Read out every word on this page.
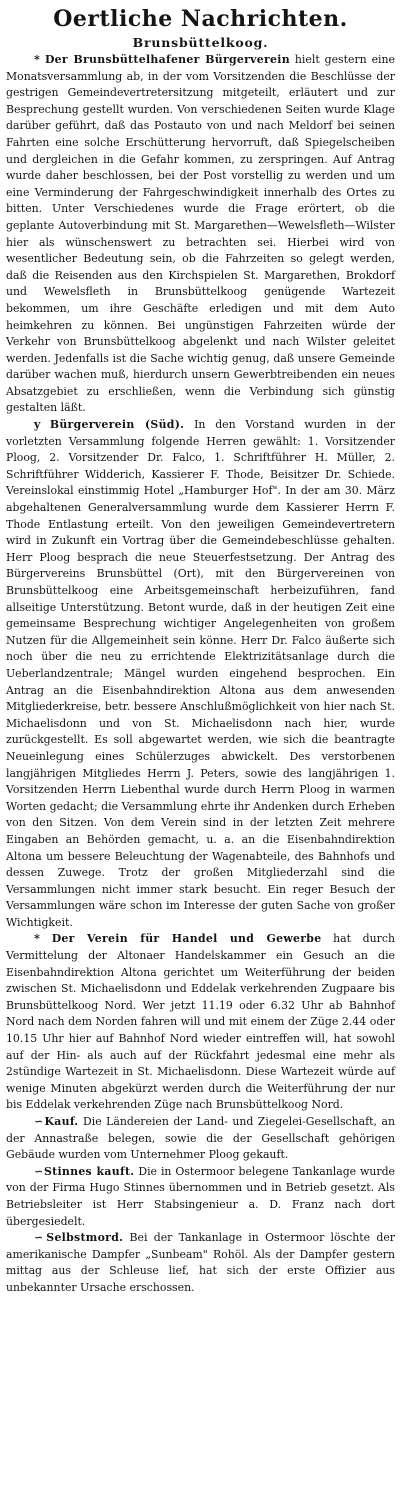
Oertliche Nachrichten.
Brunsbüttelkoog.

* Der Brunsbüttelhafener Bürgerverein hielt gestern eine Monatsversammlung ab, in der vom Vorsitzenden die Beschlüsse der gestrigen Gemeindevertretersitzung mitgeteilt, erläutert und zur Besprechung gestellt wurden. Von verschiedenen Seiten wurde Klage darüber geführt, daß das Postauto von und nach Meldorf bei seinen Fahrten eine solche Erschütterung hervorruft, daß Spiegelscheiben und dergleichen in die Gefahr kommen, zu zerspringen. Auf Antrag wurde daher beschlossen, bei der Post vorstellig zu werden und um eine Verminderung der Fahrgeschwindigkeit innerhalb des Ortes zu bitten. Unter Verschiedenes wurde die Frage erörtert, ob die geplante Autoverbindung mit St. Margarethen—Wewelsfleth—Wilster hier als wünschenswert zu betrachten sei. Hierbei wird von wesentlicher Bedeutung sein, ob die Fahrzeiten so gelegt werden, daß die Reisenden aus den Kirchspielen St. Margarethen, Brokdorf und Wewelsfleth in Brunsbüttelkoog genügende Wartezeit bekommen, um ihre Geschäfte erledigen und mit dem Auto heimkehren zu können. Bei ungünstigen Fahrzeiten würde der Verkehr von Brunsbüttelkoog abgelenkt und nach Wilster geleitet werden. Jedenfalls ist die Sache wichtig genug, daß unsere Gemeinde darüber wachen muß, hierdurch unsern Gewerbtreibenden ein neues Absatzgebiet zu erschließen, wenn die Verbindung sich günstig gestalten läßt.

y Bürgerverein (Süd). In den Vorstand wurden in der vorletzten Versammlung folgende Herren gewählt: 1. Vorsitzender Ploog, 2. Vorsitzender Dr. Falco, 1. Schriftführer H. Müller, 2. Schriftführer Widderich, Kassierer F. Thode, Beisitzer Dr. Schiede. Vereinslokal einstimmig Hotel „Hamburger Hof". In der am 30. März abgehaltenen Generalversammlung wurde dem Kassierer Herrn F. Thode Entlastung erteilt. Von den jeweiligen Gemeindevertretern wird in Zukunft ein Vortrag über die Gemeindebeschlüsse gehalten. Herr Ploog besprach die neue Steuerfestsetzung. Der Antrag des Bürgervereins Brunsbüttel (Ort), mit den Bürgervereinen von Brunsbüttelkoog eine Arbeitsgemeinschaft herbeizuführen, fand allseitige Unterstützung. Betont wurde, daß in der heutigen Zeit eine gemeinsame Besprechung wichtiger Angelegenheiten von großem Nutzen für die Allgemeinheit sein könne. Herr Dr. Falco äußerte sich noch über die neu zu errichtende Elektrizitätsanlage durch die Ueberlandzentrale; Mängel wurden eingehend besprochen. Ein Antrag an die Eisenbahndirektion Altona aus dem anwesenden Mitgliederkreise, betr. bessere Anschlußmöglichkeit von hier nach St. Michaelisdonn und von St. Michaelisdonn nach hier, wurde zurückgestellt. Es soll abgewartet werden, wie sich die beantragte Neueinlegung eines Schülerzuges abwickelt. Des verstorbenen langjährigen Mitgliedes Herrn J. Peters, sowie des langjährigen 1. Vorsitzenden Herrn Liebenthal wurde durch Herrn Ploog in warmen Worten gedacht; die Versammlung ehrte ihr Andenken durch Erheben von den Sitzen. Von dem Verein sind in der letzten Zeit mehrere Eingaben an Behörden gemacht, u. a. an die Eisenbahndirektion Altona um bessere Beleuchtung der Wagenabteile, des Bahnhofs und dessen Zuwege. Trotz der großen Mitgliederzahl sind die Versammlungen nicht immer stark besucht. Ein reger Besuch der Versammlungen wäre schon im Interesse der guten Sache von großer Wichtigkeit.

* Der Verein für Handel und Gewerbe hat durch Vermittelung der Altonaer Handelskammer ein Gesuch an die Eisenbahndirektion Altona gerichtet um Weiterführung der beiden zwischen St. Michaelisdonn und Eddelak verkehrenden Zugpaare bis Brunsbüttelkoog Nord. Wer jetzt 11.19 oder 6.32 Uhr ab Bahnhof Nord nach dem Norden fahren will und mit einem der Züge 2.44 oder 10.15 Uhr hier auf Bahnhof Nord wieder eintreffen will, hat sowohl auf der Hin- als auch auf der Rückfahrt jedesmal eine mehr als 2stündige Wartezeit in St. Michaelisdonn. Diese Wartezeit würde auf wenige Minuten abgekürzt werden durch die Weiterführung der nur bis Eddelak verkehrenden Züge nach Brunsbüttelkoog Nord.

∽ Kauf. Die Ländereien der Land- und Ziegelei-Gesellschaft, an der Annastraße belegen, sowie die der Gesellschaft gehörigen Gebäude wurden vom Unternehmer Ploog gekauft.

∽ Stinnes kauft. Die in Ostermoor belegene Tankanlage wurde von der Firma Hugo Stinnes übernommen und in Betrieb gesetzt. Als Betriebsleiter ist Herr Stabsingenieur a. D. Franz nach dort übergesiedelt.

∽ Selbstmord. Bei der Tankanlage in Ostermoor löschte der amerikanische Dampfer „Sunbeam" Rohöl. Als der Dampfer gestern mittag aus der Schleuse lief, hat sich der erste Offizier aus unbekannter Ursache erschossen.
